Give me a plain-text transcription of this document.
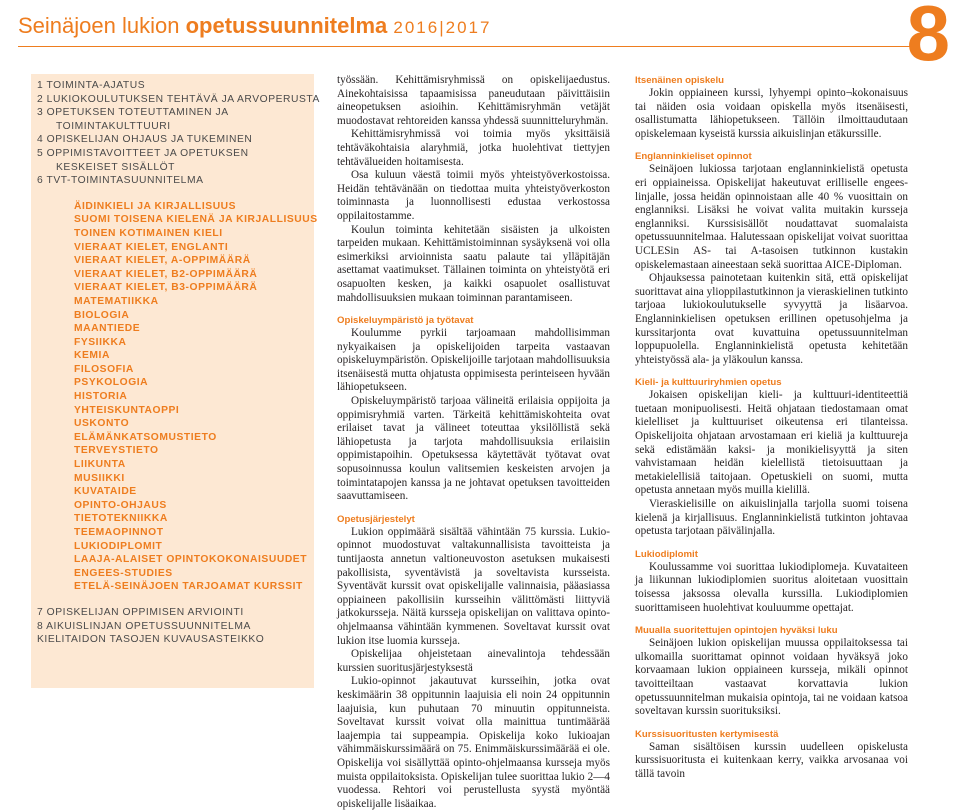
Seinäjoen lukion opetussuunnitelma 2016|2017	8
1 TOIMINTA-AJATUS
2 LUKIOKOULUTUKSEN TEHTÄVÄ JA ARVOPERUSTA
3 OPETUKSEN TOTEUTTAMINEN JA
TOIMINTAKULTTUURI
4 OPISKELIJAN OHJAUS JA TUKEMINEN
5 OPPIMISTAVOITTEET JA OPETUKSEN
KESKEISET SISÄLLÖT
6 TVT-TOIMINTASUUNNITELMA
ÄIDINKIELI JA KIRJALLISUUS
SUOMI TOISENA KIELENÄ JA KIRJALLISUUS
TOINEN KOTIMAINEN KIELI
VIERAAT KIELET, ENGLANTI
VIERAAT KIELET, A-OPPIMÄÄRÄ
VIERAAT KIELET, B2-OPPIMÄÄRÄ
VIERAAT KIELET, B3-OPPIMÄÄRÄ
MATEMATIIKKA
BIOLOGIA
MAANTIEDE
FYSIIKKA
KEMIA
FILOSOFIA
PSYKOLOGIA
HISTORIA
YHTEISKUNTAOPPI
USKONTO
ELÄMÄNKATSOMUSTIETO
TERVEYSTIETO
LIIKUNTA
MUSIIKKI
KUVATAIDE
OPINTO-OHJAUS
TIETOTEKNIIKKA
TEEMAOPINNOT
LUKIODIPLOMIT
LAAJA-ALAISET OPINTOKOKONAISUUDET
ENGEES-STUDIES
ETELÄ-SEINÄJOEN TARJOAMAT KURSSIT
7 OPISKELIJAN OPPIMISEN ARVIOINTI
8 AIKUISLINJAN OPETUSSUUNNITELMA
KIELITAIDON TASOJEN KUVAUSASTEIKKO

työssään. Kehittämisryhmissä on opiskelijaedustus. Ainekohtaisissa tapaamisissa paneudutaan päivittäisiin aineopetuksen asioihin. Kehittämisryhmän vetäjät muodostavat rehtoreiden kanssa yhdessä suunnitteluryhmän.

Kehittämisryhmissä voi toimia myös yksittäisiä tehtäväkohtaisia alaryhmiä, jotka huolehtivat tiettyjen tehtävälueiden hoitamisesta.

Osa kuluun väestä toimii myös yhteistyöverkostoissa. Heidän tehtävänään on tiedottaa muita yhteistyöverkoston toiminnasta ja luonnollisesti edustaa verkostossa oppilaitostamme.

Koulun toiminta kehitetään sisäisten ja ulkoisten tarpeiden mukaan. Kehittämistoiminnan sysäyksenä voi olla esimerkiksi arvioinnista saatu palaute tai ylläpitäjän asettamat vaatimukset. Tällainen toiminta on yhteistyötä eri osapuolten kesken, ja kaikki osapuolet osallistuvat mahdollisuuksien mukaan toiminnan parantamiseen.

Opiskeluympäristö ja työtavat

Koulumme pyrkii tarjoamaan mahdollisimman nykyaikaisen ja opiskelijoiden tarpeita vastaavan opiskeluympäristön. Opiskelijoille tarjotaan mahdollisuuksia itsenäisestä mutta ohjatusta oppimisesta perinteiseen hyvään lähiopetukseen.

Opiskeluympäristö tarjoaa välineitä erilaisia oppijoita ja oppimisryhmiä varten. Tärkeitä kehittämiskohteita ovat erilaiset tavat ja välineet toteuttaa yksilöllistä sekä lähiopetusta ja tarjota mahdollisuuksia erilaisiin oppimistapoihin. Opetuksessa käytettävät työtavat ovat sopusoinnussa koulun valitsemien keskeisten arvojen ja toimintatapojen kanssa ja ne johtavat opetuksen tavoitteiden saavuttamiseen.

Opetusjärjestelyt

Lukion oppimäärä sisältää vähintään 75 kurssia. Lukio-opinnot muodostuvat valtakunnallisista tavoitteista ja tuntijaosta annetun valtioneuvoston asetuksen mukaisesti pakollisista, syventävistä ja soveltavista kursseista. Syventävät kurssit ovat opiskelijalle valinnaisia, pääasiassa oppiaineen pakollisiin kursseihin välittömästi liittyviä jatkokursseja. Näitä kursseja opiskelijan on valittava opinto-ohjelmaansa vähintään kymmenen. Soveltavat kurssit ovat lukion itse luomia kursseja.

Opiskelijaa ohjeistetaan ainevalintoja tehdessään kurssien suoritusjärjestyksestä

Lukio-opinnot jakautuvat kursseihin, jotka ovat keskimäärin 38 oppitunnin laajuisia eli noin 24 oppitunnin laajuisia, kun puhutaan 70 minuutin oppitunneista. Soveltavat kurssit voivat olla mainittua tuntimäärää laajempia tai suppeampia. Opiskelija koko lukioajan vähimmäiskurssimäärä on 75. Enimmäiskurssimäärää ei ole. Opiskelija voi sisällyttää opinto-ohjelmaansa kursseja myös muista oppilaitoksista. Opiskelijan tulee suorittaa lukio 2—4 vuodessa. Rehtori voi perustellusta syystä myöntää opiskelijalle lisäaikaa.

Itsenäinen opiskelu

Jokin oppiaineen kurssi, lyhyempi opinto¬kokonaisuus tai näiden osia voidaan opiskella myös itsenäisesti, osallistumatta lähiopetukseen. Tällöin ilmoittaudutaan opiskelemaan kyseistä kurssia aikuislinjan etäkurssille.

Englanninkieliset opinnot

Seinäjoen lukiossa tarjotaan englanninkielistä opetusta eri oppiaineissa. Opiskelijat hakeutuvat erilliselle engees-linjalle, jossa heidän opinnoistaan alle 40 % vuosittain on englanniksi. Lisäksi he voivat valita muitakin kursseja englanniksi. Kurssisisällöt noudattavat suomalaista opetussuunnitelmaa. Halutessaan opiskelijat voivat suorittaa UCLESin AS- tai A-tasoisen tutkinnon kustakin opiskelemastaan aineestaan sekä suorittaa AICE-Diploman.

Ohjauksessa painotetaan kuitenkin sitä, että opiskelijat suorittavat aina ylioppilastutkinnon ja vieraskielinen tutkinto tarjoaa lukiokoulutukselle syvyyttä ja lisäarvoa. Englanninkielisen opetuksen erillinen opetusohjelma ja kurssitarjonta ovat kuvattuina opetussuunnitelman loppupuolella. Englanninkielistä opetusta kehitetään yhteistyössä ala- ja yläkoulun kanssa.

Kieli- ja kulttuuriryhmien opetus

Jokaisen opiskelijan kieli- ja kulttuuri-identiteettiä tuetaan monipuolisesti. Heitä ohjataan tiedostamaan omat kielelliset ja kulttuuriset oikeutensa eri tilanteissa. Opiskelijoita ohjataan arvostamaan eri kieliä ja kulttuureja sekä edistämään kaksi- ja monikielisyyttä ja siten vahvistamaan heidän kielellistä tietoisuuttaan ja metakielellisiä taitojaan. Opetuskieli on suomi, mutta opetusta annetaan myös muilla kielillä.

Vieraskielisille on aikuislinjalla tarjolla suomi toisena kielenä ja kirjallisuus. Englanninkielistä tutkinton johtavaa opetusta tarjotaan päivälinjalla.

Lukiodiplomit

Koulussamme voi suorittaa lukiodiplomeja. Kuvataiteen ja liikunnan lukiodiplomien suoritus aloitetaan vuosittain toisessa jaksossa olevalla kurssilla. Lukiodiplomien suorittamiseen huolehtivat kouluumme opettajat.

Muualla suoritettujen opintojen hyväksi luku

Seinäjoen lukion opiskelijan muussa oppilaitoksessa tai ulkomailla suorittamat opinnot voidaan hyväksyä joko korvaamaan lukion oppiaineen kursseja, mikäli opinnot tavoitteiltaan vastaavat korvattavia lukion opetussuunnitelman mukaisia opintoja, tai ne voidaan katsoa soveltavan kurssin suorituksiksi.

Kurssisuoritusten kertymisestä

Saman sisältöisen kurssin uudelleen opiskelusta kurssisuoritusta ei kuitenkaan kerry, vaikka arvosanaa voi tällä tavoin
